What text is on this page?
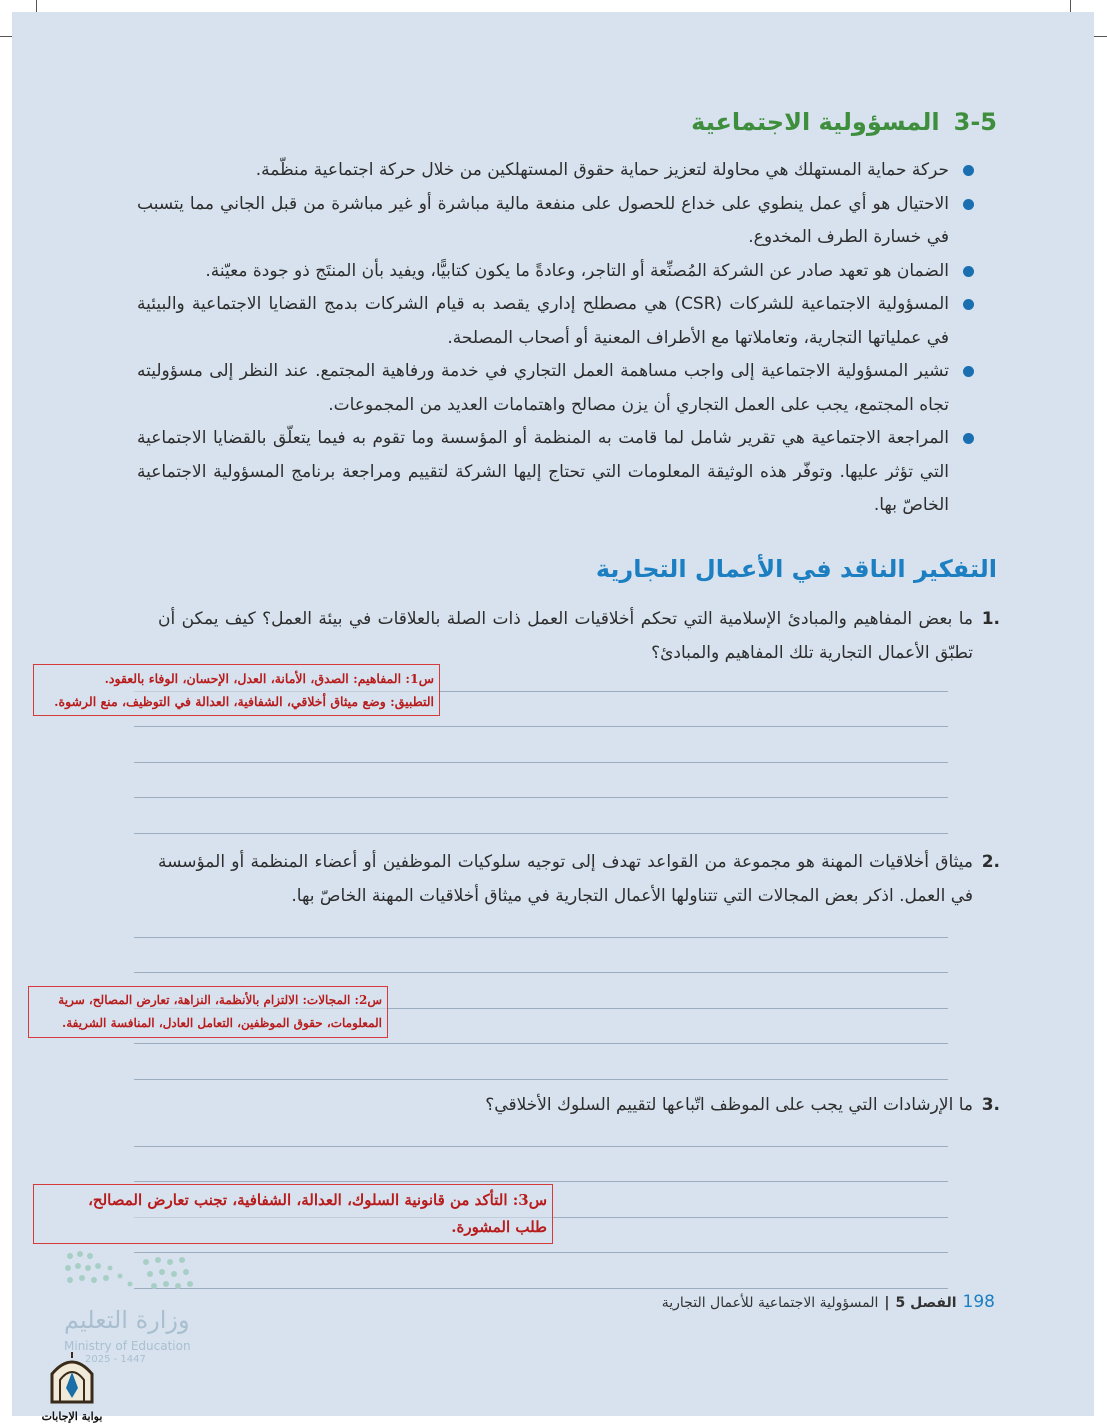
3-5المسؤولية الاجتماعية
حركة حماية المستهلك هي محاولة لتعزيز حماية حقوق المستهلكين من خلال حركة اجتماعية منظّمة.
الاحتيال هو أي عمل ينطوي على خداع للحصول على منفعة مالية مباشرة أو غير مباشرة من قبل الجاني مما يتسبب في خسارة الطرف المخدوع.
الضمان هو تعهد صادر عن الشركة المُصنِّعة أو التاجر، وعادةً ما يكون كتابيًّا، ويفيد بأن المنتَج ذو جودة معيّنة.
المسؤولية الاجتماعية للشركات (CSR) هي مصطلح إداري يقصد به قيام الشركات بدمج القضايا الاجتماعية والبيئية في عملياتها التجارية، وتعاملاتها مع الأطراف المعنية أو أصحاب المصلحة.
تشير المسؤولية الاجتماعية إلى واجب مساهمة العمل التجاري في خدمة ورفاهية المجتمع. عند النظر إلى مسؤوليته تجاه المجتمع، يجب على العمل التجاري أن يزن مصالح واهتمامات العديد من المجموعات.
المراجعة الاجتماعية هي تقرير شامل لما قامت به المنظمة أو المؤسسة وما تقوم به فيما يتعلّق بالقضايا الاجتماعية التي تؤثر عليها. وتوفّر هذه الوثيقة المعلومات التي تحتاج إليها الشركة لتقييم ومراجعة برنامج المسؤولية الاجتماعية الخاصّ بها.
التفكير الناقد في الأعمال التجارية
1.
ما بعض المفاهيم والمبادئ الإسلامية التي تحكم أخلاقيات العمل ذات الصلة بالعلاقات في بيئة العمل؟ كيف يمكن أن تطبّق الأعمال التجارية تلك المفاهيم والمبادئ؟
س1: المفاهيم: الصدق، الأمانة، العدل، الإحسان، الوفاء بالعقود.
التطبيق: وضع ميثاق أخلاقي، الشفافية، العدالة في التوظيف، منع الرشوة.
2.
ميثاق أخلاقيات المهنة هو مجموعة من القواعد تهدف إلى توجيه سلوكيات الموظفين أو أعضاء المنظمة أو المؤسسة في العمل. اذكر بعض المجالات التي تتناولها الأعمال التجارية في ميثاق أخلاقيات المهنة الخاصّ بها.
س2: المجالات: الالتزام بالأنظمة، النزاهة، تعارض المصالح، سرية
المعلومات، حقوق الموظفين، التعامل العادل، المنافسة الشريفة.
3.
ما الإرشادات التي يجب على الموظف اتّباعها لتقييم السلوك الأخلاقي؟
س3: التأكد من قانونية السلوك، العدالة، الشفافية، تجنب تعارض المصالح،
طلب المشورة.
198الفصل 5|المسؤولية الاجتماعية للأعمال التجارية
وزارة التعليم
Ministry of Education
2025 - 1447
بوابة الإجابات
